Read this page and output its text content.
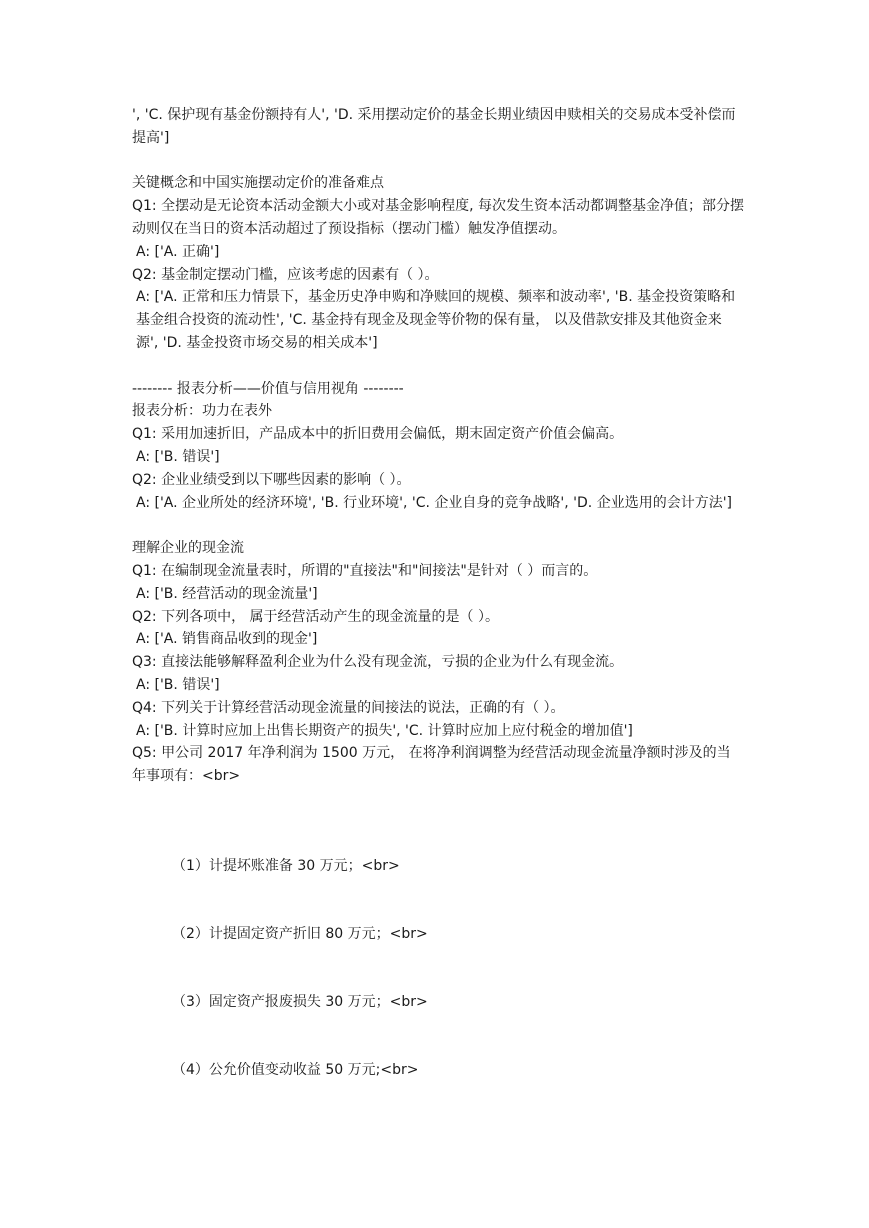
', 'C. 保护现有基金份额持有人', 'D. 采用摆动定价的基金长期业绩因申赎相关的交易成本受补偿而提高']
关键概念和中国实施摆动定价的准备难点
Q1: 全摆动是无论资本活动金额大小或对基金影响程度, 每次发生资本活动都调整基金净值；部分摆动则仅在当日的资本活动超过了预设指标（摆动门槛）触发净值摆动。
A: ['A. 正确']
Q2: 基金制定摆动门槛，应该考虑的因素有（ ）。
A: ['A. 正常和压力情景下，基金历史净申购和净赎回的规模、频率和波动率', 'B. 基金投资策略和基金组合投资的流动性', 'C. 基金持有现金及现金等价物的保有量， 以及借款安排及其他资金来源', 'D. 基金投资市场交易的相关成本']
-------- 报表分析——价值与信用视角 --------
报表分析：功力在表外
Q1: 采用加速折旧，产品成本中的折旧费用会偏低，期末固定资产价值会偏高。
A: ['B. 错误']
Q2: 企业业绩受到以下哪些因素的影响（ ）。
A: ['A. 企业所处的经济环境', 'B. 行业环境', 'C. 企业自身的竞争战略', 'D. 企业选用的会计方法']
理解企业的现金流
Q1: 在编制现金流量表时，所谓的"直接法"和"间接法"是针对（ ）而言的。
A: ['B. 经营活动的现金流量']
Q2: 下列各项中， 属于经营活动产生的现金流量的是（ ）。
A: ['A. 销售商品收到的现金']
Q3: 直接法能够解释盈利企业为什么没有现金流，亏损的企业为什么有现金流。
A: ['B. 错误']
Q4: 下列关于计算经营活动现金流量的间接法的说法，正确的有（ ）。
A: ['B. 计算时应加上出售长期资产的损失', 'C. 计算时应加上应付税金的增加值']
Q5: 甲公司 2017 年净利润为 1500 万元， 在将净利润调整为经营活动现金流量净额时涉及的当年事项有：<br>
（1）计提坏账准备 30 万元；<br>
（2）计提固定资产折旧 80 万元；<br>
（3）固定资产报废损失 30 万元；<br>
（4）公允价值变动收益 50 万元;<br>
